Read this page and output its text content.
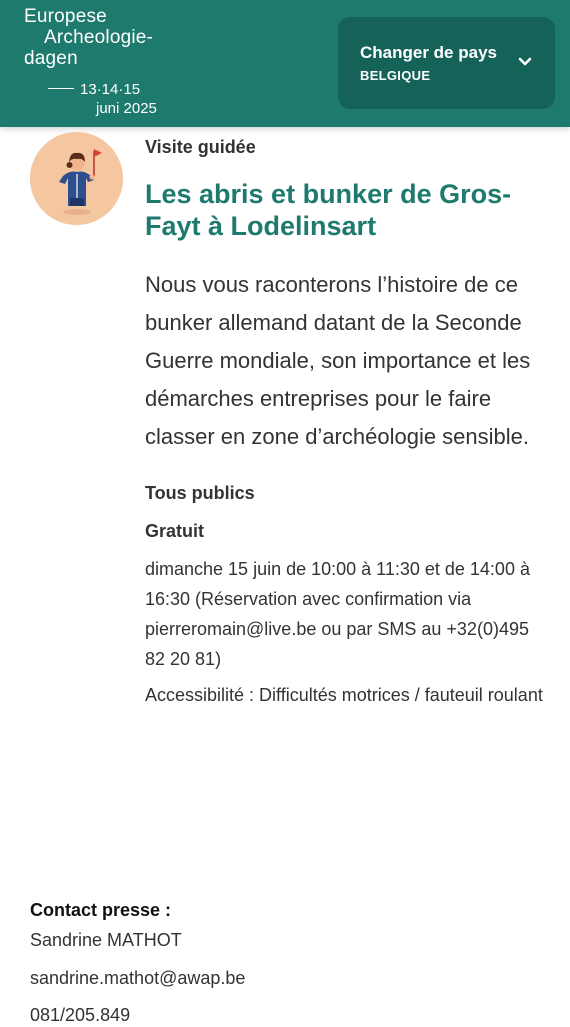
Europese
Archeologie-
dagen
13·14·15
juni 2025
Changer de pays
BELGIQUE

Visite guidée

Les abris et bunker de Gros-Fayt à Lodelinsart

Nous vous raconterons l’histoire de ce bunker allemand datant de la Seconde Guerre mondiale, son importance et les démarches entreprises pour le faire classer en zone d’archéologie sensible.

Tous publics

Gratuit

dimanche 15 juin de 10:00 à 11:30 et de 14:00 à 16:30 (Réservation avec confirmation via pierreromain@live.be ou par SMS au +32(0)495 82 20 81)

Accessibilité : Difficultés motrices / fauteuil roulant

Contact presse :

Sandrine MATHOT

sandrine.mathot@awap.be

081/205.849
